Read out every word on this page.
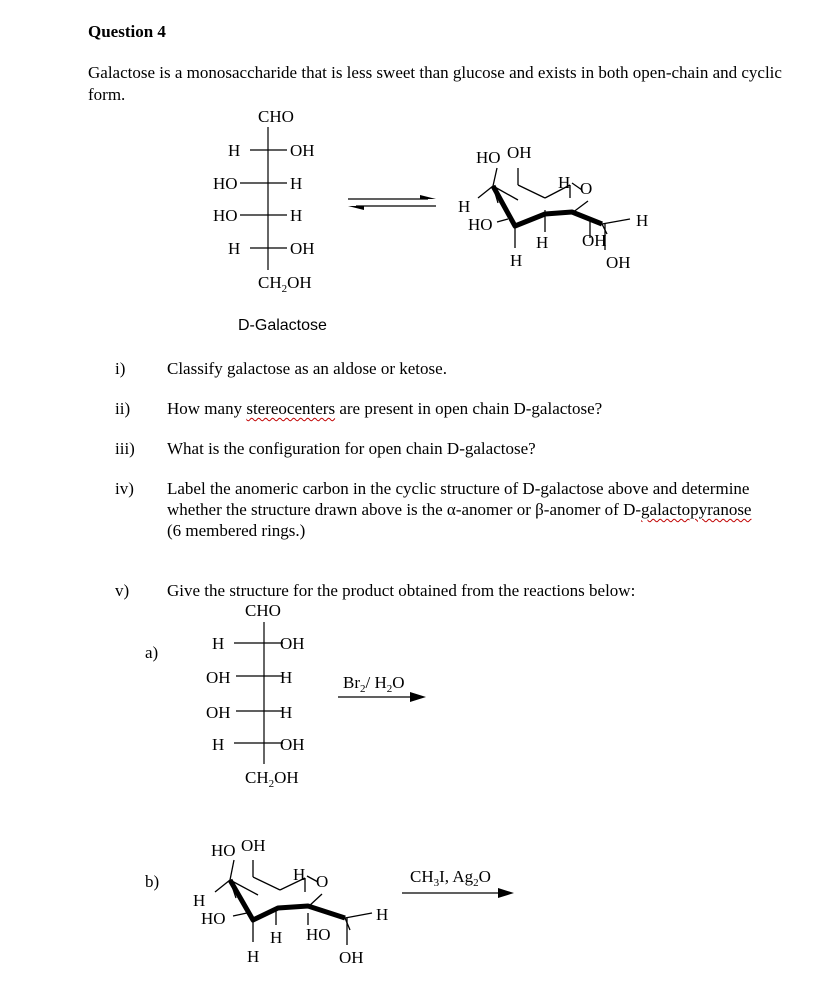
Question 4
Galactose is a monosaccharide that is less sweet than glucose and exists in both open-chain and cyclic form.
CHO
H	OH
HO	H
HO	H
H	OH
$CH_2OH$
D-Galactose
HO OH
H O
H
HO
H
H
OH
H
OH
i) Classify galactose as an aldose or ketose.
ii) How many stereocenters are present in open chain D-galactose?
iii) What is the configuration for open chain D-galactose?
iv) Label the anomeric carbon in the cyclic structure of D-galactose above and determine
whether the structure drawn above is the α-anomer or β-anomer of D-galactopyranose
(6 membered rings.)
v) Give the structure for the product obtained from the reactions below:
a)
CHO
H	OH
OH	H
OH	H
H	OH
$CH_2OH$
$Br_2/$ $H_2O$
b)
HO OH
H O
H
HO
H
H
HO
H
OH
$CH_3I$, $Ag_2O$
